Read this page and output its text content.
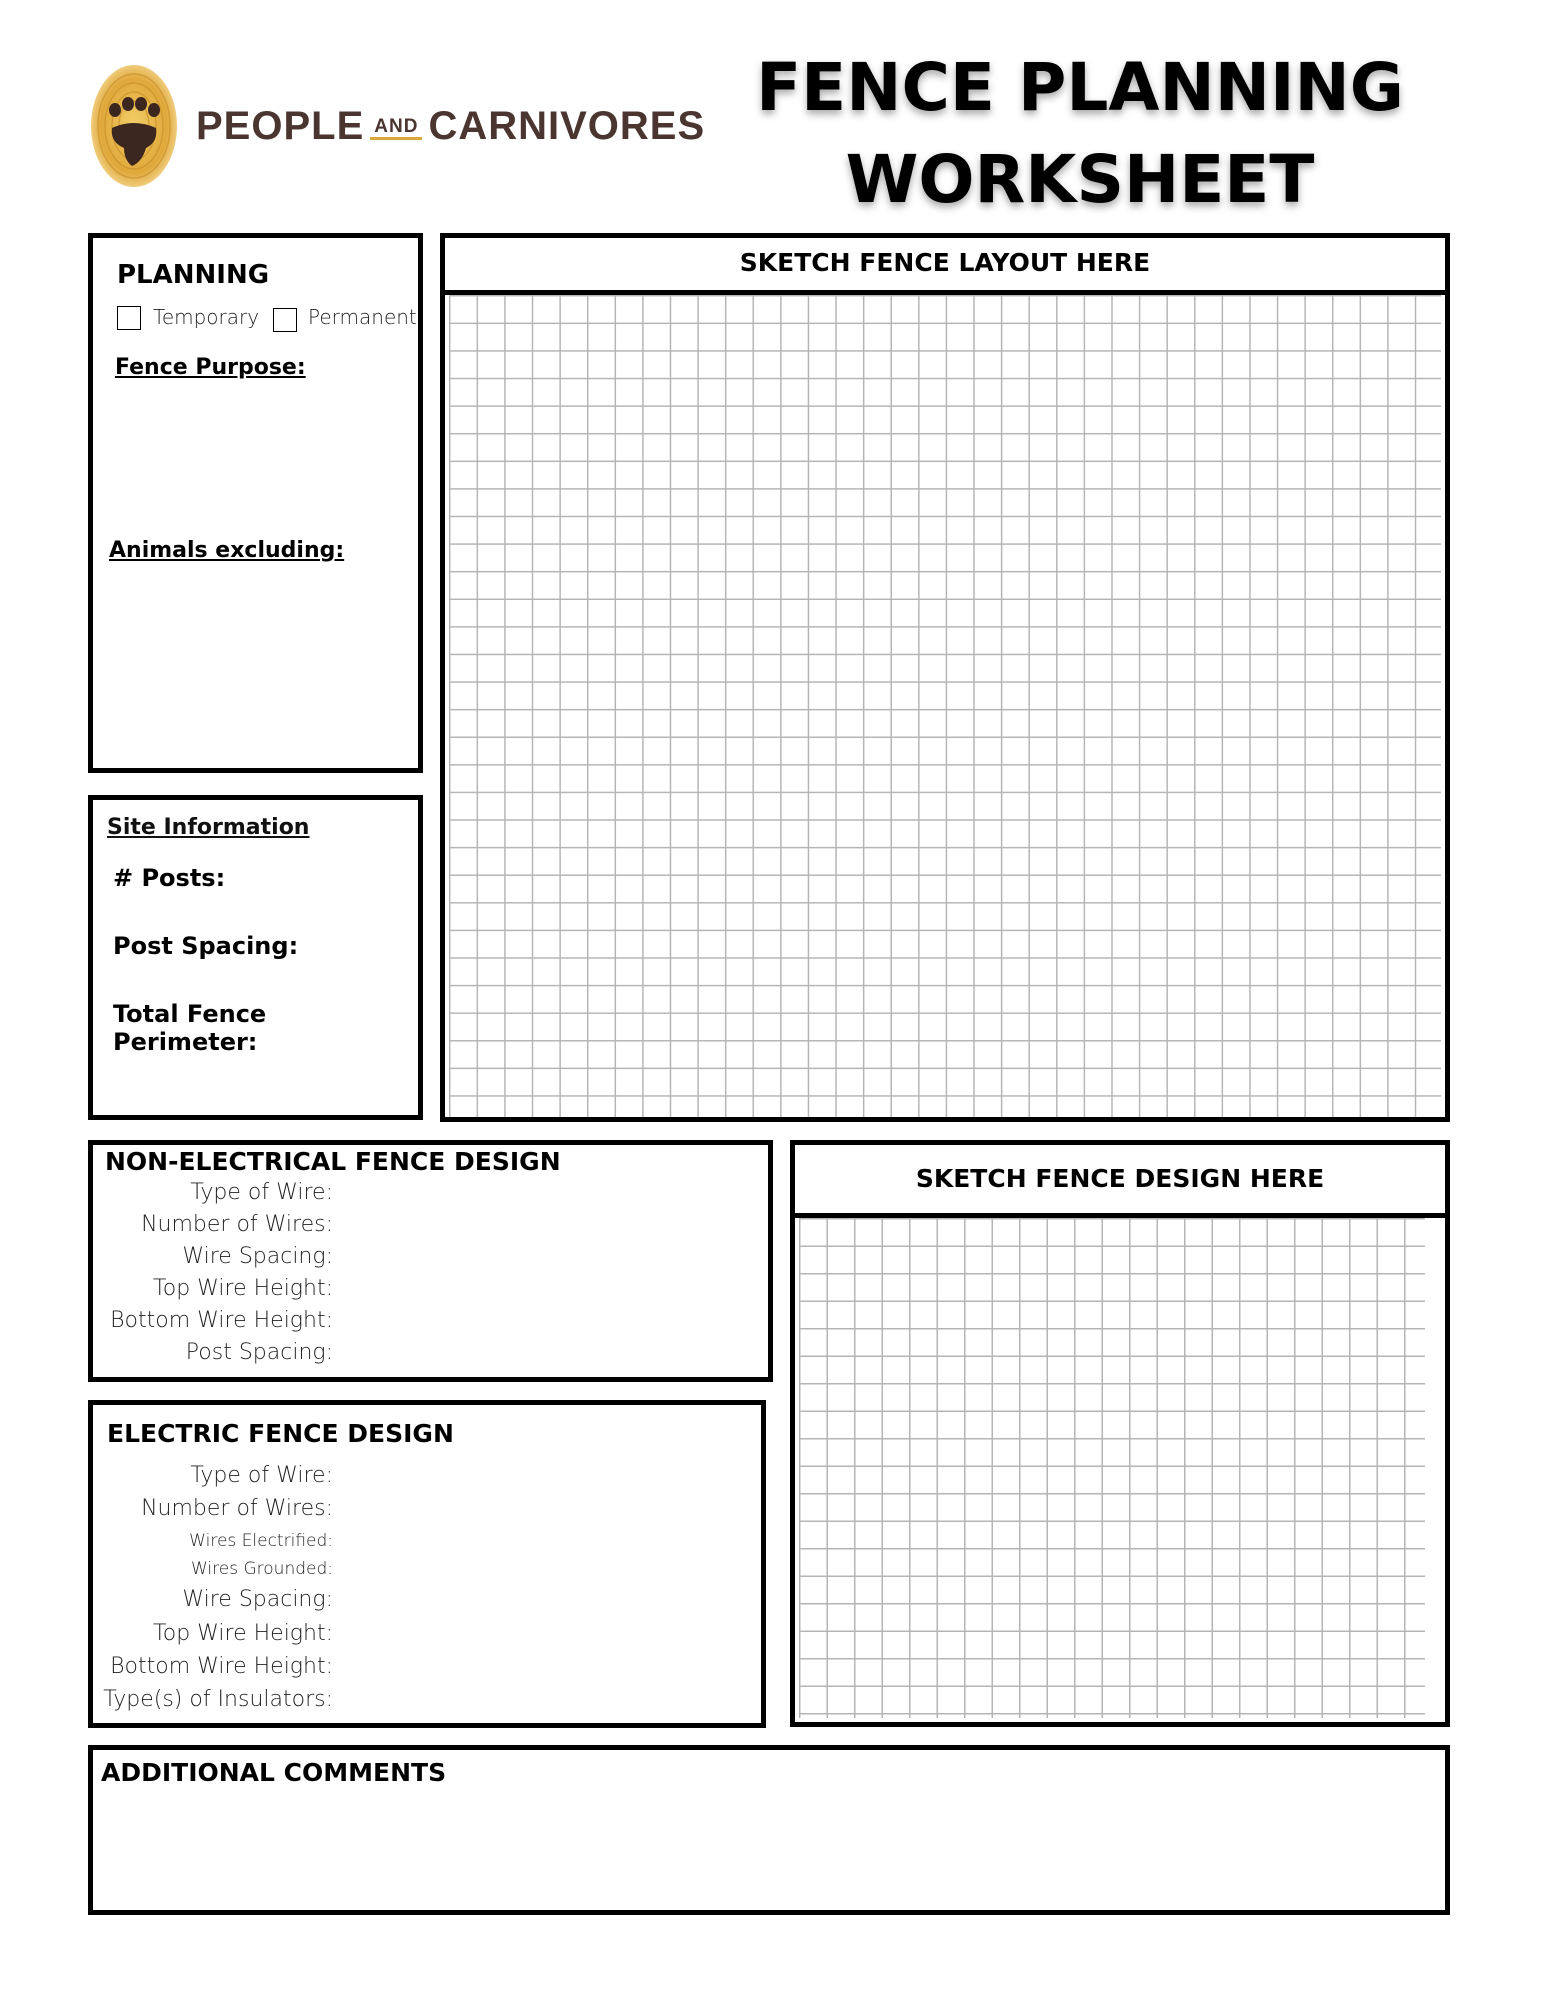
PEOPLE AND CARNIVORES FENCE PLANNING
WORKSHEET
PLANNING
Temporary Permanent
Fence Purpose:
Animals excluding:
Site Information
# Posts:
Post Spacing:
Total Fence Perimeter:
SKETCH FENCE LAYOUT HERE
NON-ELECTRICAL FENCE DESIGN
Type of Wire:
Number of Wires:
Wire Spacing:
Top Wire Height:
Bottom Wire Height:
Post Spacing:
ELECTRIC FENCE DESIGN
Type of Wire:
Number of Wires:
Wires Electrified:
Wires Grounded:
Wire Spacing:
Top Wire Height:
Bottom Wire Height:
Type(s) of Insulators:
SKETCH FENCE DESIGN HERE
ADDITIONAL COMMENTS
